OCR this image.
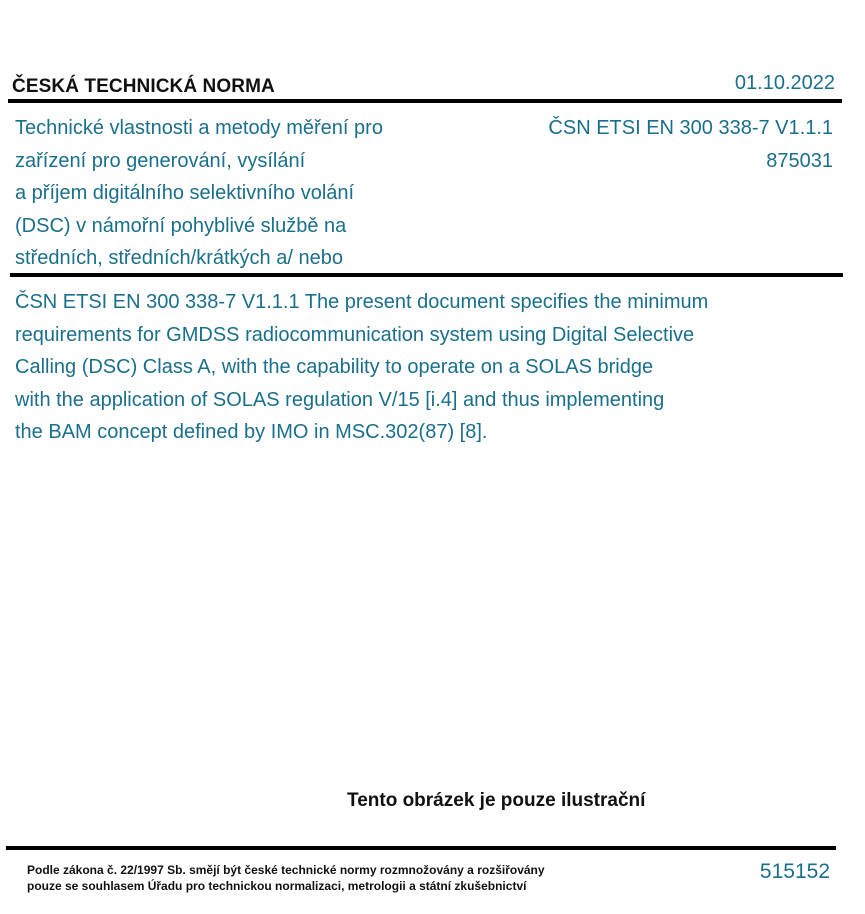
ČESKÁ TECHNICKÁ NORMA	01.10.2022
Technické vlastnosti a metody měření pro
zařízení pro generování, vysílání
a příjem digitálního selektivního volání
(DSC) v námořní pohyblivé službě na
středních, středních/krátkých a/ nebo
ČSN ETSI EN 300 338-7 V1.1.1
875031
ČSN ETSI EN 300 338-7 V1.1.1 The present document specifies the minimum
requirements for GMDSS radiocommunication system using Digital Selective
Calling (DSC) Class A, with the capability to operate on a SOLAS bridge
with the application of SOLAS regulation V/15 [i.4] and thus implementing
the BAM concept defined by IMO in MSC.302(87) [8].
Tento obrázek je pouze ilustrační
Podle zákona č. 22/1997 Sb. smějí být české technické normy rozmnožovány a rozšiřovány
pouze se souhlasem Úřadu pro technickou normalizaci, metrologii a státní zkušebnictví
515152
